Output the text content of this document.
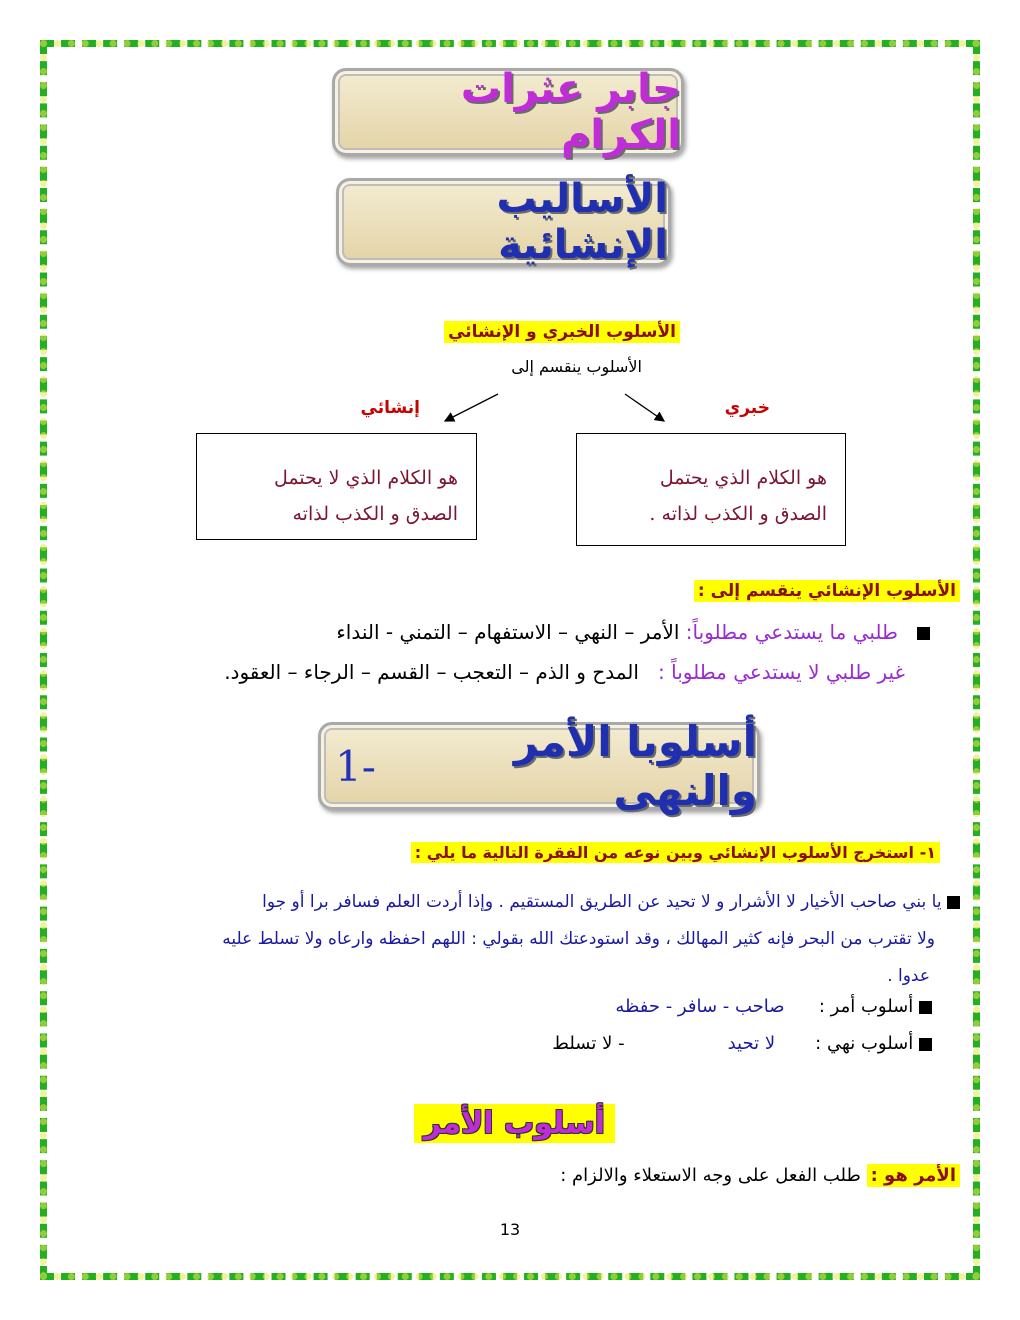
جابر عثرات الكرام
الأساليب الإنشائية
الأسلوب الخبري و الإنشائي
الأسلوب ينقسم إلى
إنشائي	خبري
هو الكلام الذي لا يحتمل
الصدق و الكذب لذاته
هو الكلام الذي يحتمل
الصدق و الكذب لذاته .
الأسلوب الإنشائي ينقسم إلى :
طلبي ما يستدعي مطلوباً: الأمر – النهي – الاستفهام – التمني - النداء
غير طلبي لا يستدعي مطلوباً :   المدح و الذم – التعجب – القسم – الرجاء – العقود.
أسلوبا الأمر والنهى
-1
١- استخرج الأسلوب الإنشائي وبين نوعه من الفقرة التالية ما يلي :
يا بني صاحب الأخيار لا الأشرار و لا تحيد عن الطريق المستقيم . وإذا أردت العلم فسافر برا أو جوا
ولا تقترب من البحر فإنه كثير المهالك ، وقد استودعتك الله بقولي : اللهم احفظه وارعاه ولا تسلط عليه
عدوا .
أسلوب أمر :      صاحب - سافر - حفظه
أسلوب نهي :       لا تحيد                  - لا تسلط
أسلوب الأمر
الأمر هو : طلب الفعل على وجه الاستعلاء والالزام :
13
